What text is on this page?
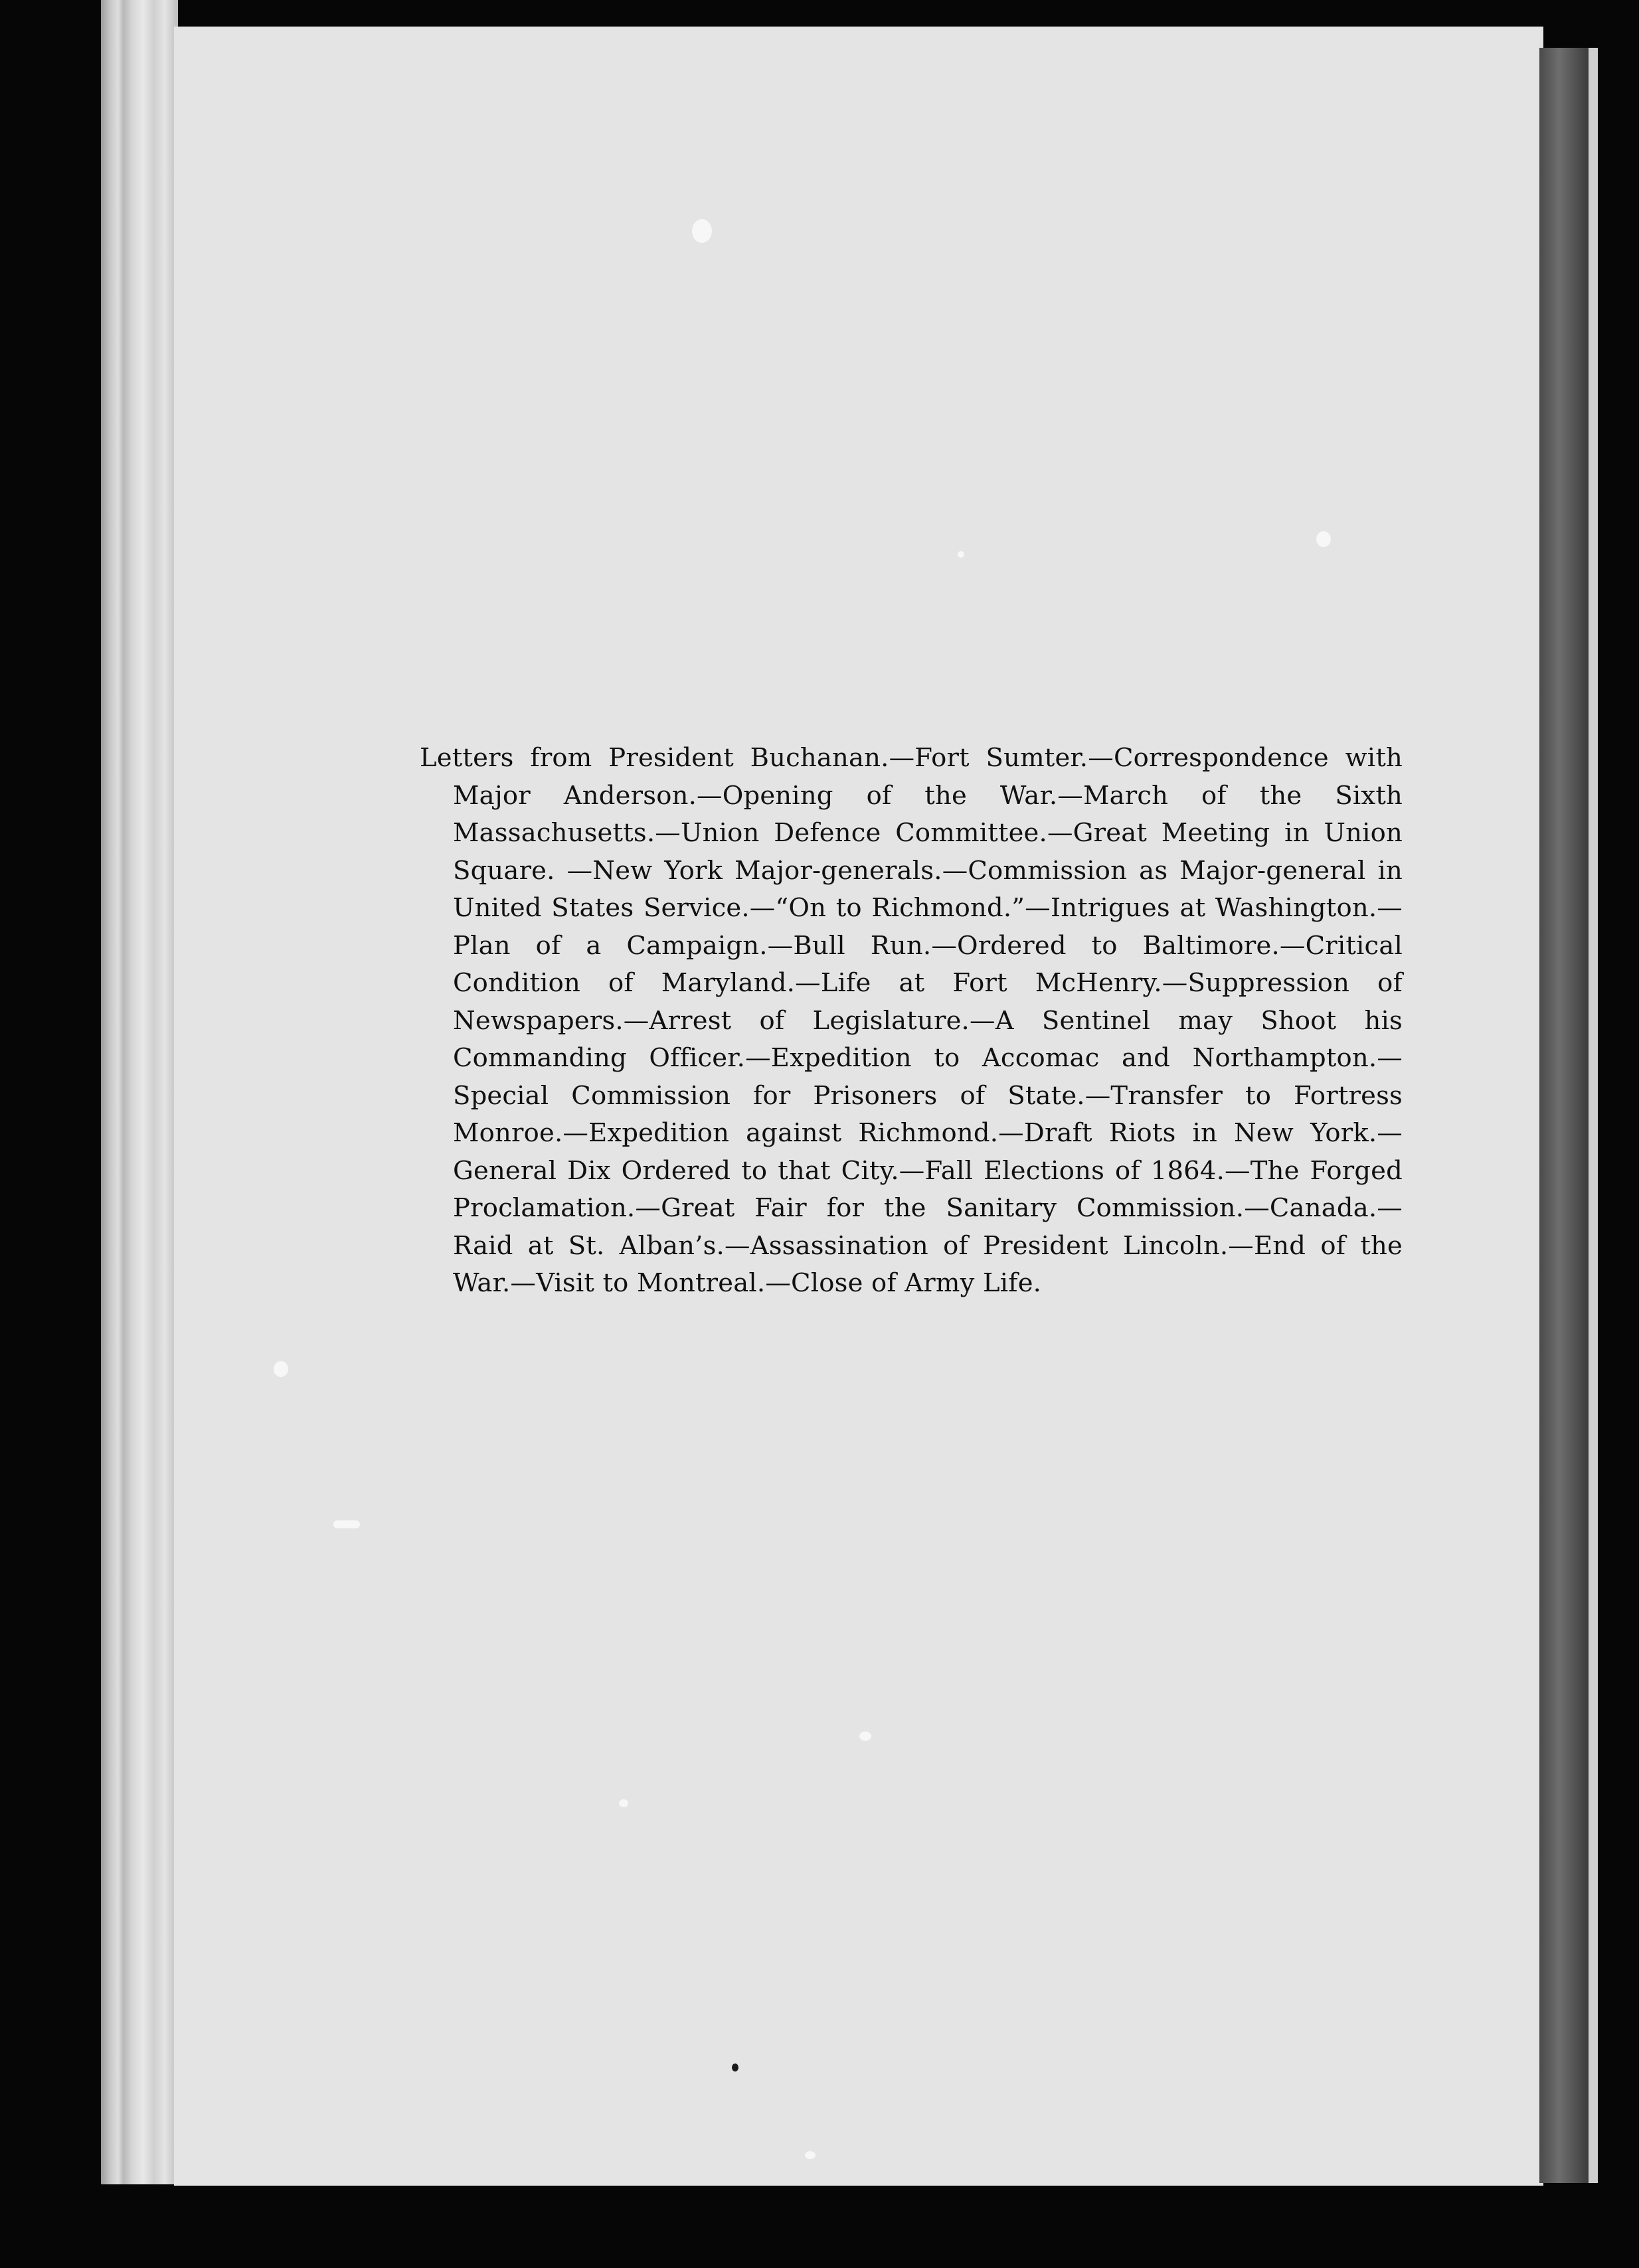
Letters from President Buchanan.—Fort Sumter.—Correspondence with Major Anderson.—Opening of the War.—March of the Sixth Massachusetts.—Union Defence Committee.—Great Meeting in Union Square. —New York Major-generals.—Commission as Major-general in United States Service.—“On to Richmond.”—Intrigues at Washington.—Plan of a Campaign.—Bull Run.—Ordered to Baltimore.—Critical Condition of Maryland.—Life at Fort McHenry.—Suppression of Newspapers.—Arrest of Legislature.—A Sentinel may Shoot his Commanding Officer.—Expedition to Accomac and Northampton.—Special Commission for Prisoners of State.—Transfer to Fortress Monroe.—Expedition against Richmond.—Draft Riots in New York.—General Dix Ordered to that City.—Fall Elections of 1864.—The Forged Proclamation.—Great Fair for the Sanitary Commission.—Canada.—Raid at St. Alban’s.—Assassination of President Lincoln.—End of the War.—Visit to Montreal.—Close of Army Life.
